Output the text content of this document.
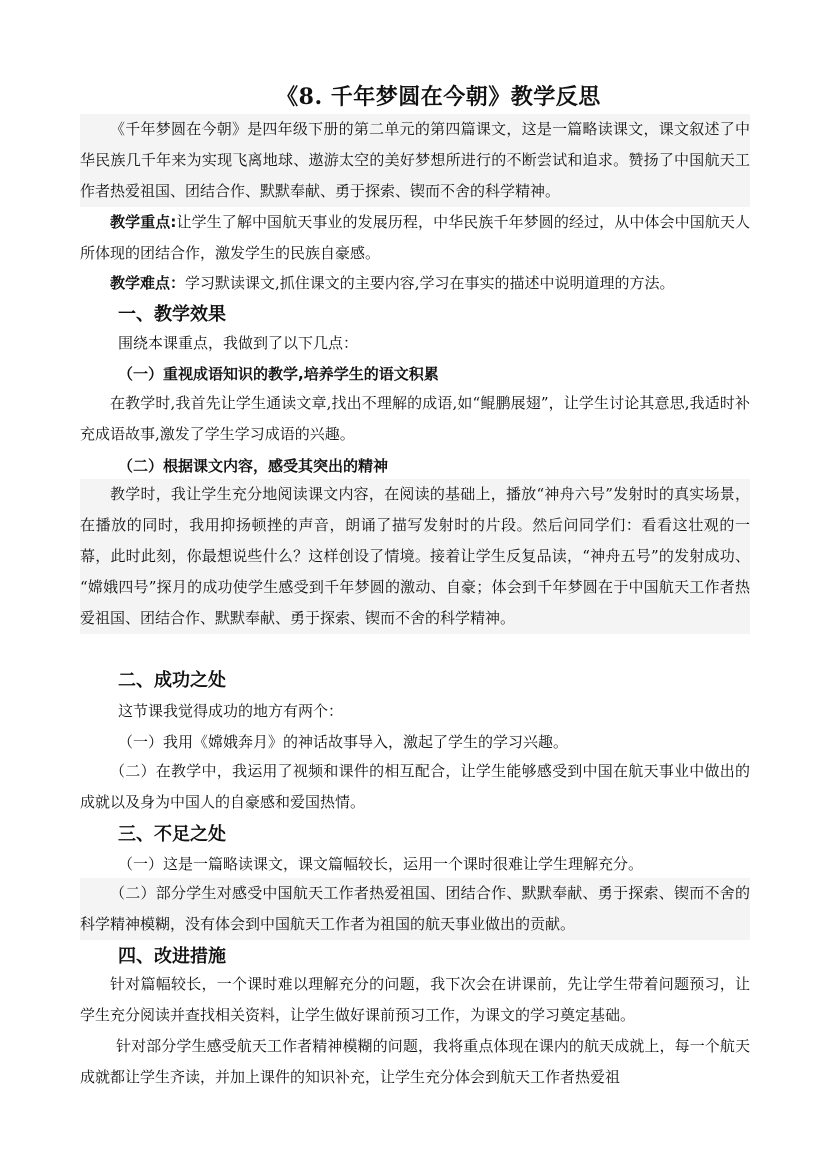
《8. 千年梦圆在今朝》教学反思
《千年梦圆在今朝》是四年级下册的第二单元的第四篇课文，这是一篇略读课文，课文叙述了中华民族几千年来为实现飞离地球、遨游太空的美好梦想所进行的不断尝试和追求。赞扬了中国航天工作者热爱祖国、团结合作、默默奉献、勇于探索、锲而不舍的科学精神。
教学重点:让学生了解中国航天事业的发展历程，中华民族千年梦圆的经过，从中体会中国航天人所体现的团结合作，激发学生的民族自豪感。
教学难点：学习默读课文,抓住课文的主要内容,学习在事实的描述中说明道理的方法。
一、教学效果
围绕本课重点，我做到了以下几点：
（一）重视成语知识的教学,培养学生的语文积累
在教学时,我首先让学生通读文章,找出不理解的成语,如“鲲鹏展翅”，让学生讨论其意思,我适时补充成语故事,激发了学生学习成语的兴趣。
（二）根据课文内容，感受其突出的精神
教学时，我让学生充分地阅读课文内容，在阅读的基础上，播放“神舟六号”发射时的真实场景，在播放的同时，我用抑扬顿挫的声音，朗诵了描写发射时的片段。然后问同学们：看看这壮观的一幕，此时此刻，你最想说些什么？这样创设了情境。接着让学生反复品读，“神舟五号”的发射成功、 “嫦娥四号”探月的成功使学生感受到千年梦圆的激动、自豪；体会到千年梦圆在于中国航天工作者热爱祖国、团结合作、默默奉献、勇于探索、锲而不舍的科学精神。
二、成功之处
这节课我觉得成功的地方有两个：
（一）我用《嫦娥奔月》的神话故事导入，激起了学生的学习兴趣。
（二）在教学中，我运用了视频和课件的相互配合，让学生能够感受到中国在航天事业中做出的成就以及身为中国人的自豪感和爱国热情。
三、不足之处
（一）这是一篇略读课文，课文篇幅较长，运用一个课时很难让学生理解充分。
（二）部分学生对感受中国航天工作者热爱祖国、团结合作、默默奉献、勇于探索、锲而不舍的科学精神模糊，没有体会到中国航天工作者为祖国的航天事业做出的贡献。
四、改进措施
针对篇幅较长，一个课时难以理解充分的问题，我下次会在讲课前，先让学生带着问题预习，让学生充分阅读并查找相关资料，让学生做好课前预习工作，为课文的学习奠定基础。
针对部分学生感受航天工作者精神模糊的问题，我将重点体现在课内的航天成就上，每一个航天成就都让学生齐读，并加上课件的知识补充，让学生充分体会到航天工作者热爱祖
